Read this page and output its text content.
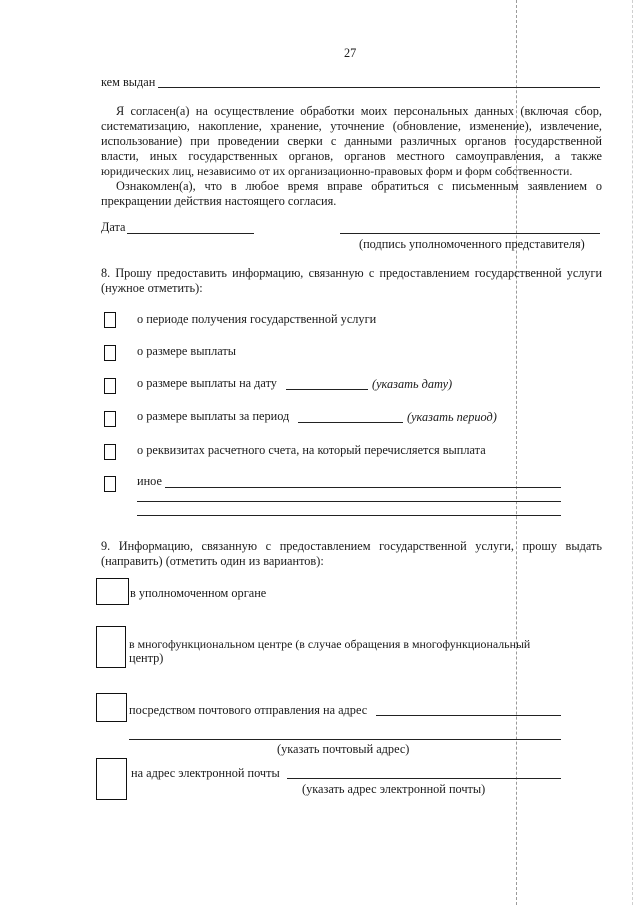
27
кем выдан
Я согласен(а) на осуществление обработки моих персональных данных (включая сбор,
систематизацию, накопление, хранение, уточнение (обновление, изменение), извлечение,
использование) при проведении сверки с данными различных органов государственной
власти, иных государственных органов, органов местного самоуправления, а также
юридических лиц, независимо от их организационно-правовых форм и форм собственности.
Ознакомлен(а), что в любое время вправе обратиться с письменным заявлением о
прекращении действия настоящего согласия.
Дата
(подпись уполномоченного представителя)
8. Прошу предоставить информацию, связанную с предоставлением государственной услуги
(нужное отметить):
о периоде получения государственной услуги
о размере выплаты
о размере выплаты на дату	(указать дату)
о размере выплаты за период	(указать период)
о реквизитах расчетного счета, на который перечисляется выплата
иное
9. Информацию, связанную с предоставлением государственной услуги, прошу выдать
(направить) (отметить один из вариантов):
в уполномоченном органе
в многофункциональном центре (в случае обращения в многофункциональный
центр)
посредством почтового отправления на адрес
(указать почтовый адрес)
на адрес электронной почты
(указать адрес электронной почты)
